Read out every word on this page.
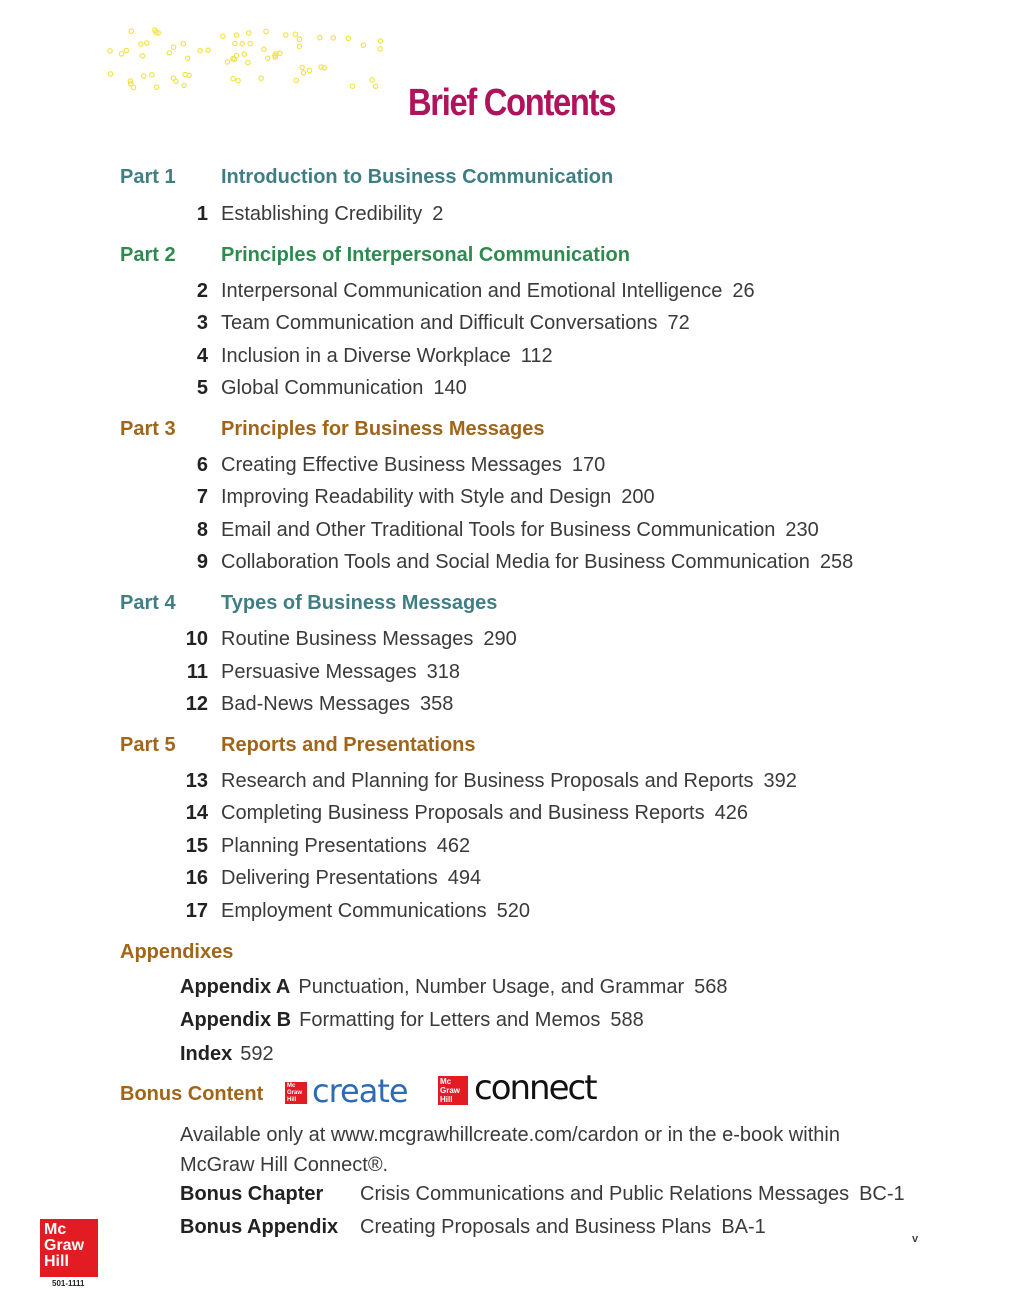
Brief Contents
Part 1 Introduction to Business Communication
1 Establishing Credibility 2
Part 2 Principles of Interpersonal Communication
2 Interpersonal Communication and Emotional Intelligence 26
3 Team Communication and Difficult Conversations 72
4 Inclusion in a Diverse Workplace 112
5 Global Communication 140
Part 3 Principles for Business Messages
6 Creating Effective Business Messages 170
7 Improving Readability with Style and Design 200
8 Email and Other Traditional Tools for Business Communication 230
9 Collaboration Tools and Social Media for Business Communication 258
Part 4 Types of Business Messages
10 Routine Business Messages 290
11 Persuasive Messages 318
12 Bad-News Messages 358
Part 5 Reports and Presentations
13 Research and Planning for Business Proposals and Reports 392
14 Completing Business Proposals and Business Reports 426
15 Planning Presentations 462
16 Delivering Presentations 494
17 Employment Communications 520
Appendixes
Appendix A Punctuation, Number Usage, and Grammar 568
Appendix B Formatting for Letters and Memos 588
Index 592
Bonus Content	Mc Graw Hill create	Mc Graw Hill connect
Available only at www.mcgrawhillcreate.com/cardon or in the e-book within McGraw Hill Connect®.
Bonus Chapter Crisis Communications and Public Relations Messages BC-1
Bonus Appendix Creating Proposals and Business Plans BA-1
v
Mc
Graw
Hill
501-1111
